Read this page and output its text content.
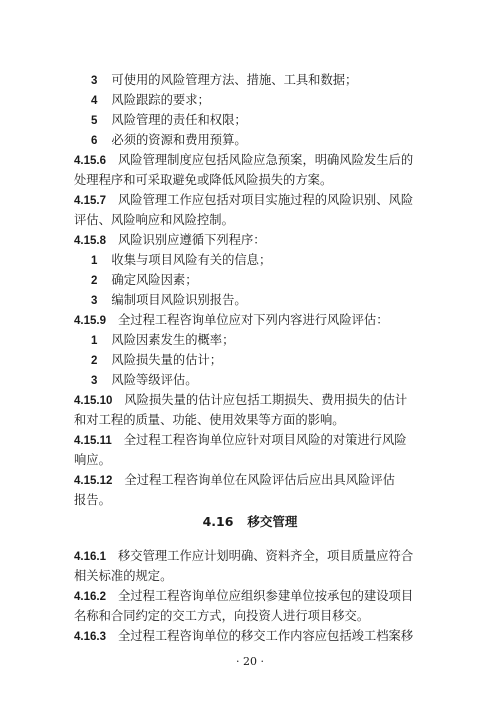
3 可使用的风险管理方法、措施、工具和数据；
4 风险跟踪的要求；
5 风险管理的责任和权限；
6 必须的资源和费用预算。
4.15.6 风险管理制度应包括风险应急预案，明确风险发生后的
处理程序和可采取避免或降低风险损失的方案。
4.15.7 风险管理工作应包括对项目实施过程的风险识别、风险
评估、风险响应和风险控制。
4.15.8 风险识别应遵循下列程序：
1 收集与项目风险有关的信息；
2 确定风险因素；
3 编制项目风险识别报告。
4.15.9 全过程工程咨询单位应对下列内容进行风险评估：
1 风险因素发生的概率；
2 风险损失量的估计；
3 风险等级评估。
4.15.10 风险损失量的估计应包括工期损失、费用损失的估计
和对工程的质量、功能、使用效果等方面的影响。
4.15.11 全过程工程咨询单位应针对项目风险的对策进行风险
响应。
4.15.12 全过程工程咨询单位在风险评估后应出具风险评估
报告。
4.16 移交管理
4.16.1 移交管理工作应计划明确、资料齐全，项目质量应符合
相关标准的规定。
4.16.2 全过程工程咨询单位应组织参建单位按承包的建设项目
名称和合同约定的交工方式，向投资人进行项目移交。
4.16.3 全过程工程咨询单位的移交工作内容应包括竣工档案移
· 20 ·
